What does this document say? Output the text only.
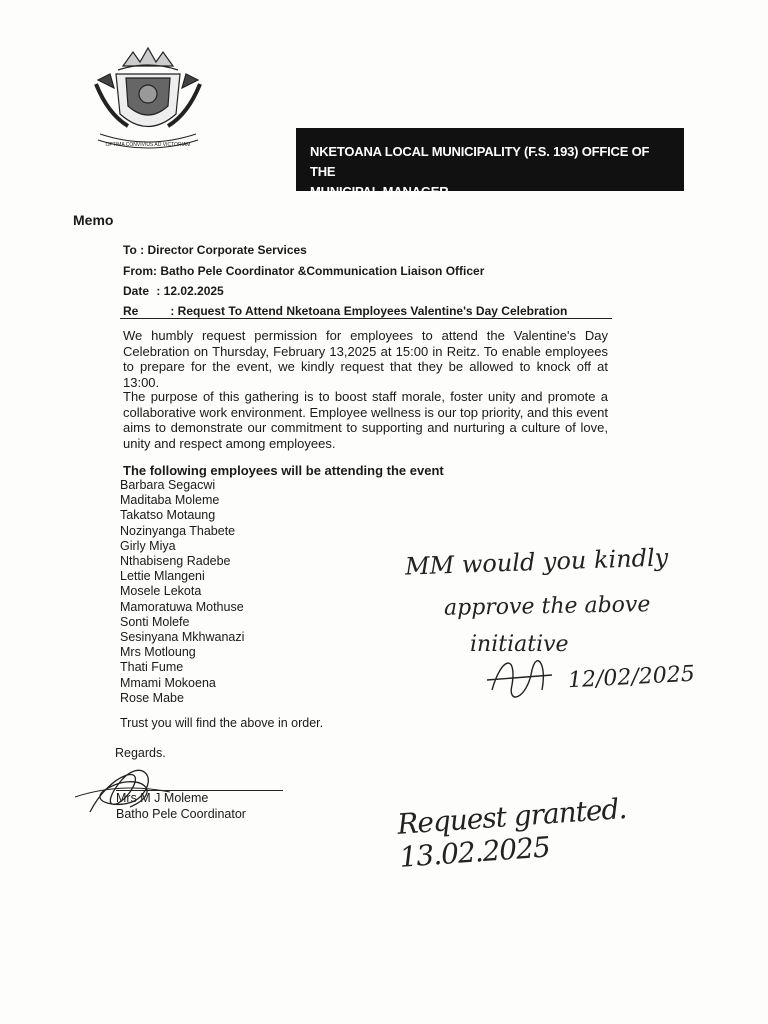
OPTIMA CONVIVIUS AD VICTORIAM	NKETOANA LOCAL MUNICIPALITY (F.S. 193) OFFICE OF THE
MUNICIPAL MANAGER.
Memo
To : Director Corporate Services
From: Batho Pele Coordinator &Communication Liaison Officer
Date : 12.02.2025
Re	: Request To Attend Nketoana Employees Valentine's Day Celebration
We humbly request permission for employees to attend the Valentine's Day Celebration on Thursday, February 13,2025 at 15:00 in Reitz. To enable employees to prepare for the event, we kindly request that they be allowed to knock off at 13:00.
The purpose of this gathering is to boost staff morale, foster unity and promote a collaborative work environment. Employee wellness is our top priority, and this event aims to demonstrate our commitment to supporting and nurturing a culture of love, unity and respect among employees.
The following employees will be attending the event
Barbara Segacwi
Maditaba Moleme
Takatso Motaung
Nozinyanga Thabete
Girly Miya
Nthabiseng Radebe
Lettie Mlangeni
Mosele Lekota
Mamoratuwa Mothuse
Sonti Molefe
Sesinyana Mkhwanazi
Mrs Motloung
Thati Fume
Mmami Mokoena
Rose Mabe
Trust you will find the above in order.
Regards.
Mrs M J Moleme
Batho Pele Coordinator
MM would you kindly
approve the above
initiative
12/02/2025
Request granted. 13.02.2025
